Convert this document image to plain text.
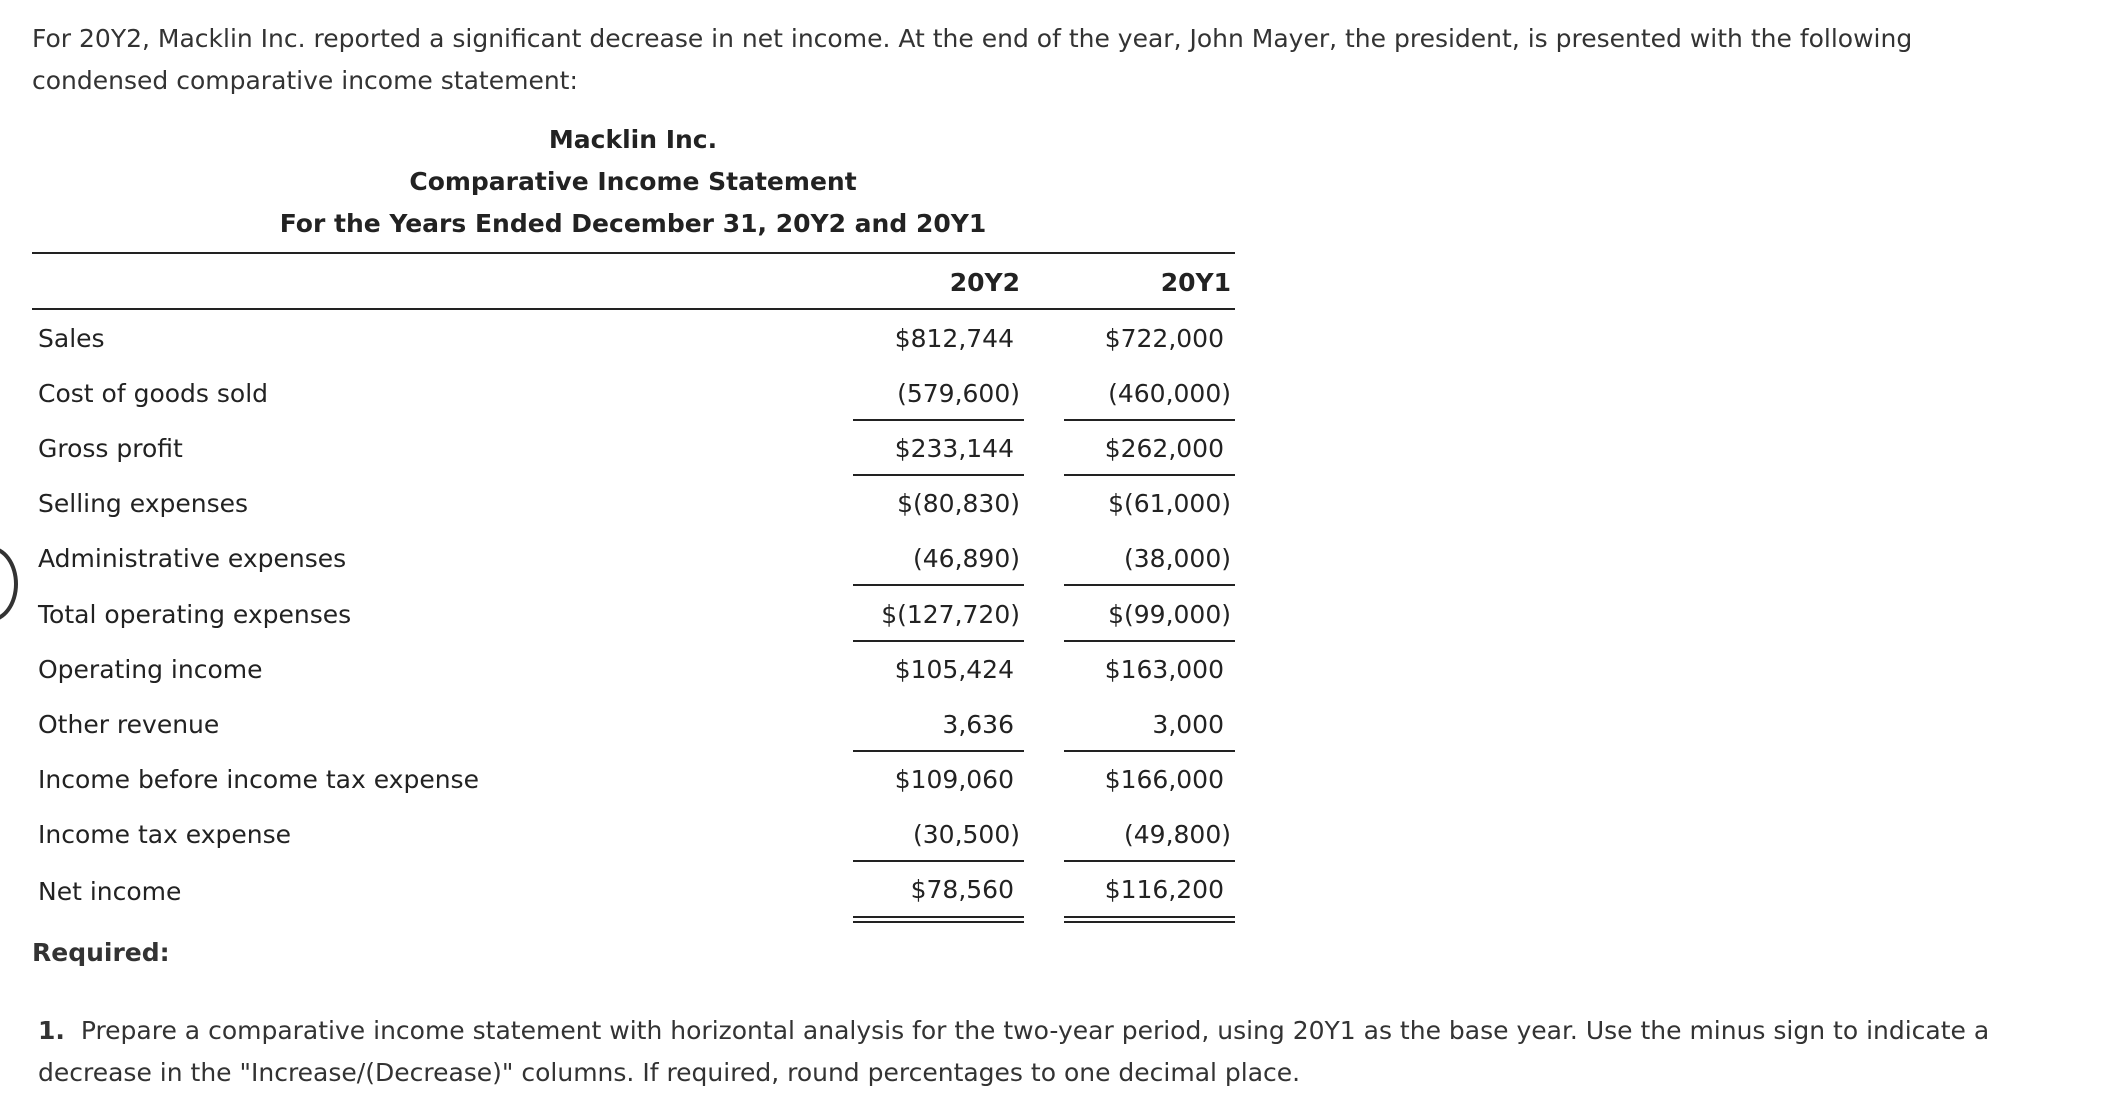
For 20Y2, Macklin Inc. reported a significant decrease in net income. At the end of the year, John Mayer, the president, is presented with the following condensed comparative income statement:

Macklin Inc.
Comparative Income Statement
For the Years Ended December 31, 20Y2 and 20Y1
20Y2	20Y1
Sales	$812,744	$722,000
Cost of goods sold	(579,600)	(460,000)
Gross profit	$233,144	$262,000
Selling expenses	$(80,830)	$(61,000)
Administrative expenses	(46,890)	(38,000)
Total operating expenses	$(127,720)	$(99,000)
Operating income	$105,424	$163,000
Other revenue	3,636	3,000
Income before income tax expense	$109,060	$166,000
Income tax expense	(30,500)	(49,800)
Net income	$78,560	$116,200

Required:

1. Prepare a comparative income statement with horizontal analysis for the two-year period, using 20Y1 as the base year. Use the minus sign to indicate a decrease in the "Increase/(Decrease)" columns. If required, round percentages to one decimal place.
